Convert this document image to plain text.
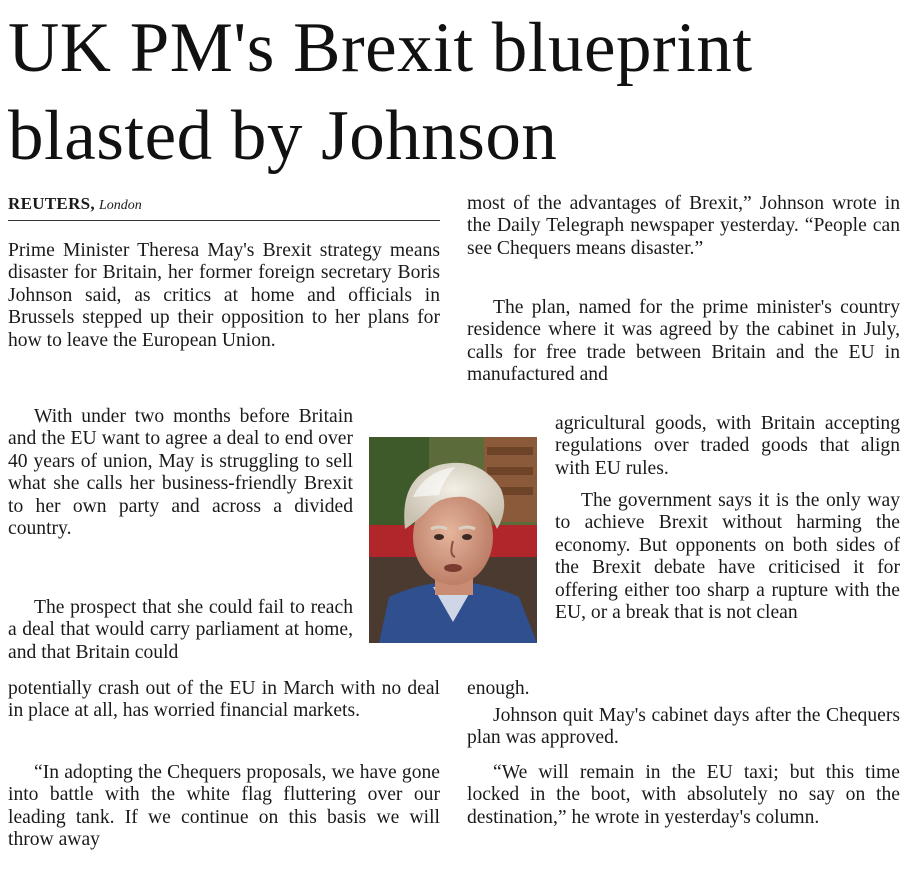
UK PM's Brexit blueprint
blasted by Johnson
REUTERS, London

Prime Minister Theresa May's Brexit strategy means disaster for Britain, her former foreign secretary Boris Johnson said, as critics at home and officials in Brussels stepped up their opposition to her plans for how to leave the European Union.

With under two months before Britain and the EU want to agree a deal to end over 40 years of union, May is struggling to sell what she calls her business-friendly Brexit to her own party and across a divided country.

The prospect that she could fail to reach a deal that would carry parliament at home, and that Britain could

potentially crash out of the EU in March with no deal in place at all, has worried financial markets.

“In adopting the Chequers proposals, we have gone into battle with the white flag fluttering over our leading tank. If we continue on this basis we will throw away

most of the advantages of Brexit,” Johnson wrote in the Daily Telegraph newspaper yesterday. “People can see Chequers means disaster.”

The plan, named for the prime minister's country residence where it was agreed by the cabinet in July, calls for free trade between Britain and the EU in manufactured and

agricultural goods, with Britain accepting regulations over traded goods that align with EU rules.

The government says it is the only way to achieve Brexit without harming the economy. But opponents on both sides of the Brexit debate have criticised it for offering either too sharp a rupture with the EU, or a break that is not clean

enough.

Johnson quit May's cabinet days after the Chequers plan was approved.

“We will remain in the EU taxi; but this time locked in the boot, with absolutely no say on the destination,” he wrote in yesterday's column.
